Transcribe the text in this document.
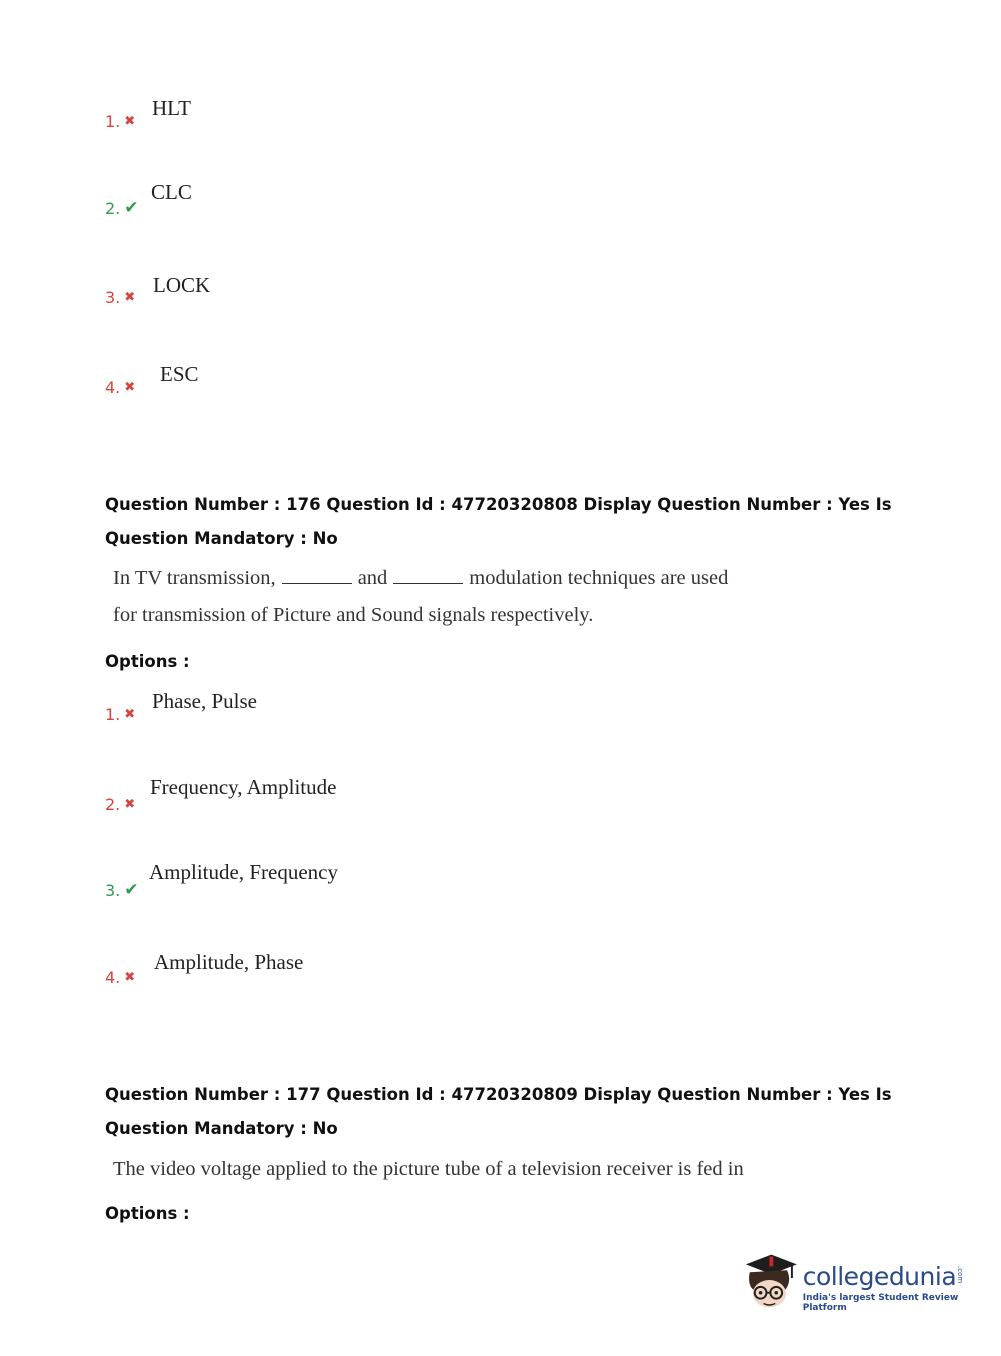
1. ✖
HLT
2. ✔
CLC
3. ✖
LOCK
4. ✖
ESC
Question Number : 176 Question Id : 47720320808 Display Question Number : Yes Is Question Mandatory : No
In TV transmission,	and	modulation techniques are used
for transmission of Picture and Sound signals respectively.
Options :
1. ✖
Phase, Pulse
2. ✖
Frequency, Amplitude
3. ✔
Amplitude, Frequency
4. ✖
Amplitude, Phase
Question Number : 177 Question Id : 47720320809 Display Question Number : Yes Is Question Mandatory : No
The video voltage applied to the picture tube of a television receiver is fed in
Options :
collegedunia .com
India's largest Student Review Platform
